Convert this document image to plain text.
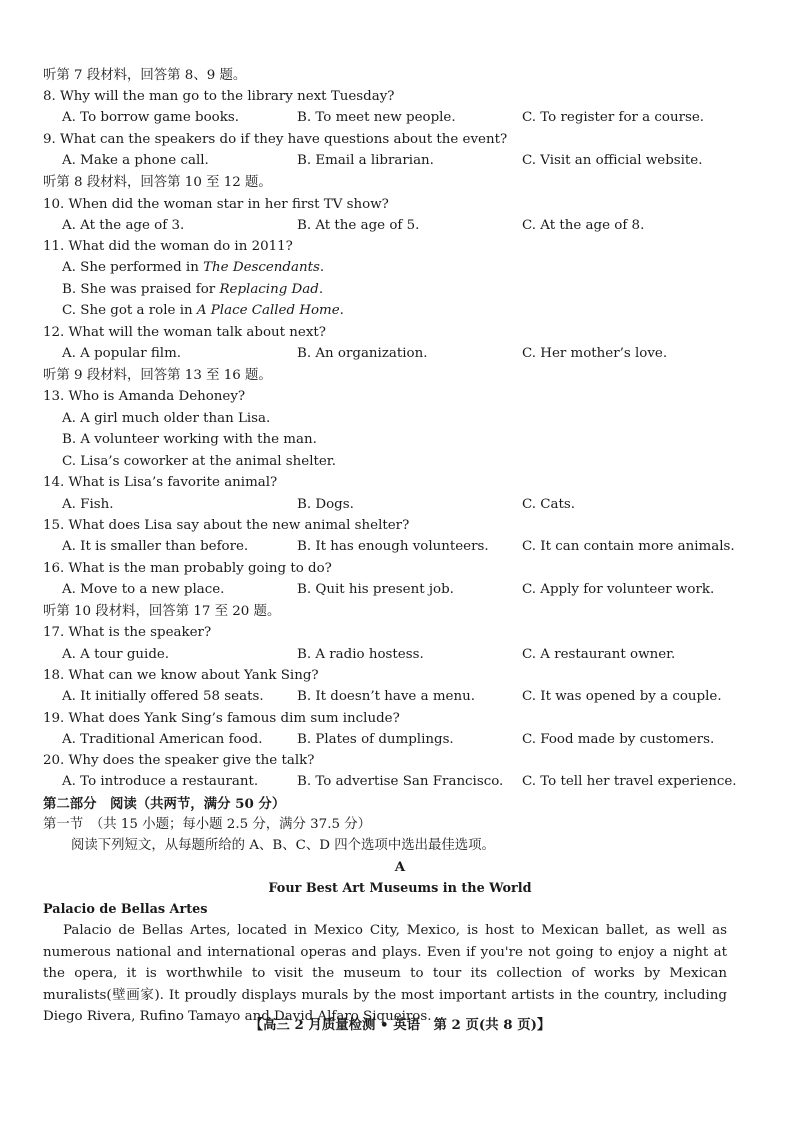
听第 7 段材料，回答第 8、9 题。
8. Why will the man go to the library next Tuesday?
A. To borrow game books.	B. To meet new people.	C. To register for a course.
9. What can the speakers do if they have questions about the event?
A. Make a phone call.	B. Email a librarian.	C. Visit an official website.
听第 8 段材料，回答第 10 至 12 题。
10. When did the woman star in her first TV show?
A. At the age of 3.	B. At the age of 5.	C. At the age of 8.
11. What did the woman do in 2011?
A. She performed in The Descendants.
B. She was praised for Replacing Dad.
C. She got a role in A Place Called Home.
12. What will the woman talk about next?
A. A popular film.	B. An organization.	C. Her mother’s love.
听第 9 段材料，回答第 13 至 16 题。
13. Who is Amanda Dehoney?
A. A girl much older than Lisa.
B. A volunteer working with the man.
C. Lisa’s coworker at the animal shelter.
14. What is Lisa’s favorite animal?
A. Fish.	B. Dogs.	C. Cats.
15. What does Lisa say about the new animal shelter?
A. It is smaller than before.	B. It has enough volunteers. C. It can contain more animals.
16. What is the man probably going to do?
A. Move to a new place.	B. Quit his present job.	C. Apply for volunteer work.
听第 10 段材料，回答第 17 至 20 题。
17. What is the speaker?
A. A tour guide.	B. A radio hostess.	C. A restaurant owner.
18. What can we know about Yank Sing?
A. It initially offered 58 seats. B. It doesn’t have a menu.	C. It was opened by a couple.
19. What does Yank Sing’s famous dim sum include?
A. Traditional American food.	B. Plates of dumplings.	C. Food made by customers.
20. Why does the speaker give the talk?
A. To introduce a restaurant.	B. To advertise San Francisco. C. To tell her travel experience.
第二部分　阅读（共两节，满分 50 分）
第一节　（共 15 小题；每小题 2.5 分，满分 37.5 分）
阅读下列短文，从每题所给的 A、B、C、D 四个选项中选出最佳选项。
A
Four Best Art Museums in the World
Palacio de Bellas Artes
Palacio de Bellas Artes, located in Mexico City, Mexico, is host to Mexican ballet, as well as numerous national and international operas and plays. Even if you're not going to enjoy a night at the opera, it is worthwhile to visit the museum to tour its collection of works by Mexican muralists(壁画家). It proudly displays murals by the most important artists in the country, including Diego Rivera, Rufino Tamayo and David Alfaro Siqueiros.
【高三 2 月质量检测 • 英语　第 2 页(共 8 页)】
